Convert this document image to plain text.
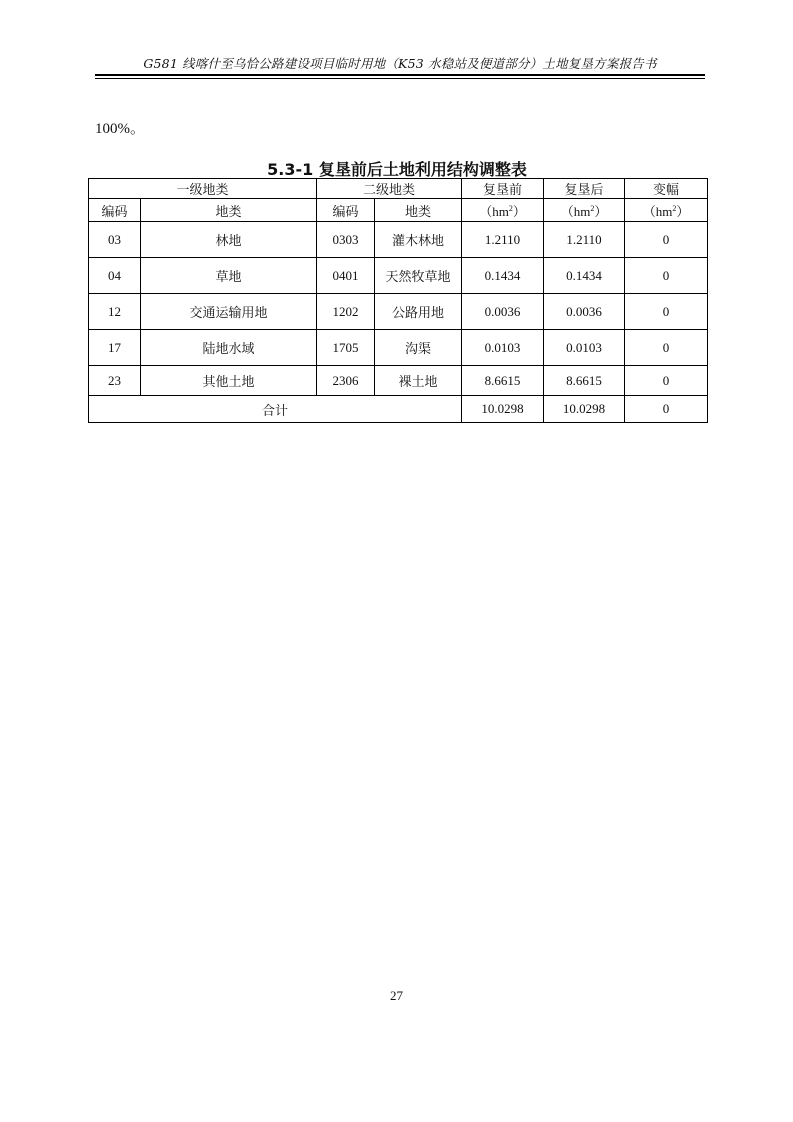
G581 线喀什至乌恰公路建设项目临时用地（K53 水稳站及便道部分）土地复垦方案报告书
100%。
5.3-1 复垦前后土地利用结构调整表
一级地类		二级地类		复垦前	复垦后	变幅
编码	地类	编码	地类	$(hm^2)$	$(hm^2)$	$(hm^2)$
03	林地	0303	灌木林地	1.2110	1.2110	0
04	草地	0401	天然牧草地	0.1434	0.1434	0
12	交通运输用地	1202	公路用地	0.0036	0.0036	0
17	陆地水域	1705	沟渠	0.0103	0.0103	0
23	其他土地	2306	裸土地	8.6615	8.6615	0
合计				10.0298	10.0298	0
27
